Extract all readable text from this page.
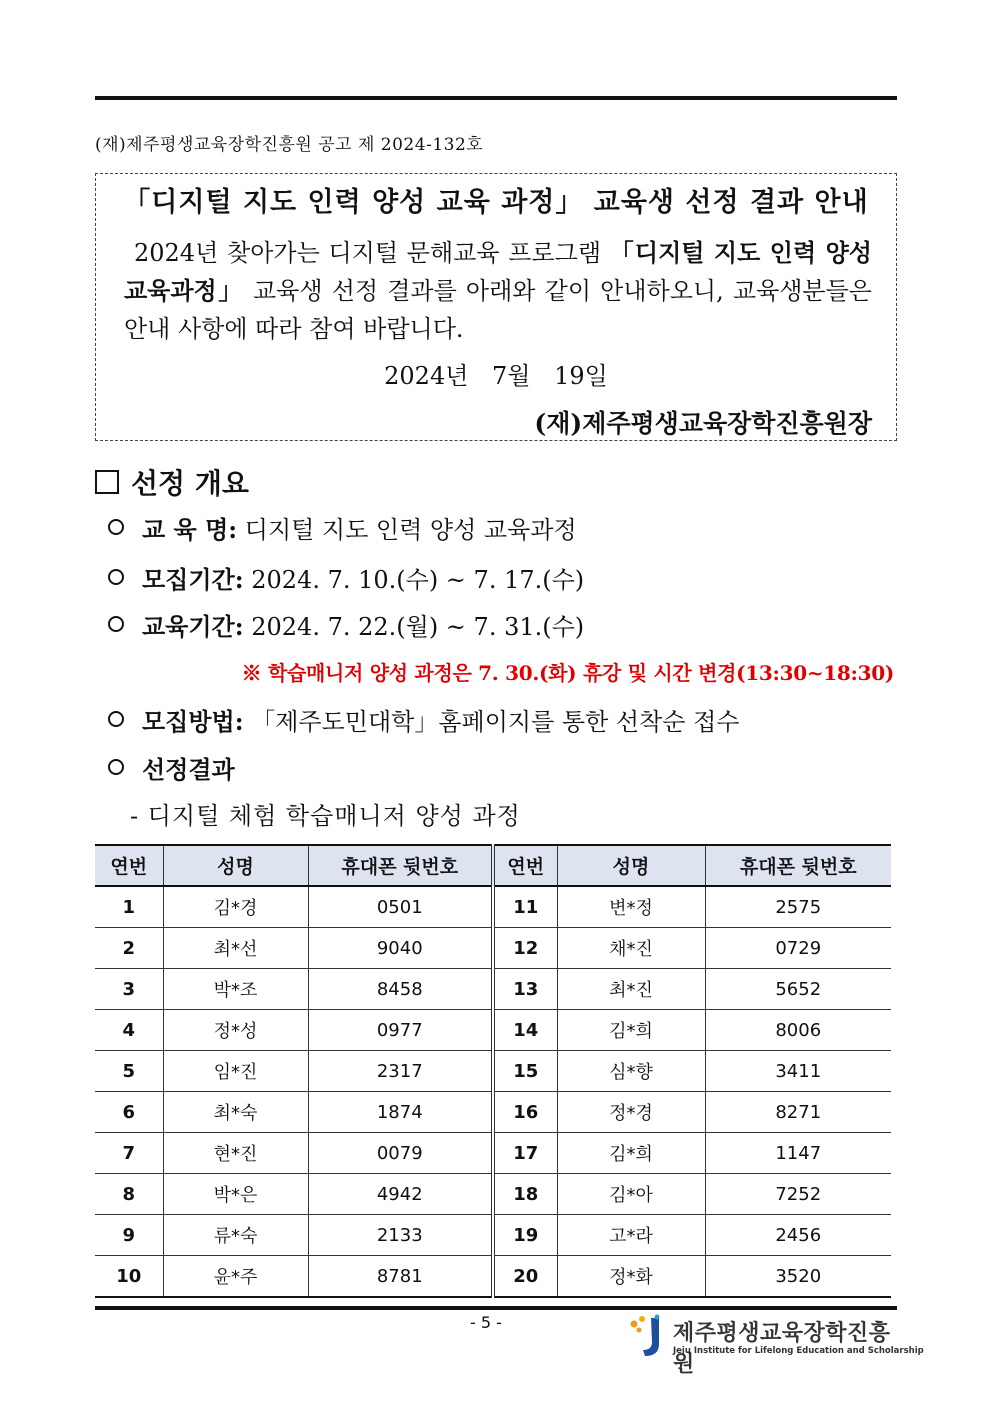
(재)제주평생교육장학진흥원 공고 제 2024-132호
「디지털 지도 인력 양성 교육 과정」 교육생 선정 결과 안내
2024년 찾아가는 디지털 문해교육 프로그램 「디지털 지도 인력 양성 교육과정」 교육생 선정 결과를 아래와 같이 안내하오니, 교육생분들은 안내 사항에 따라 참여 바랍니다.
2024년 7월 19일
(재)제주평생교육장학진흥원장
선정 개요
교 육 명: 디지털 지도 인력 양성 교육과정
모집기간: 2024. 7. 10.(수) ~ 7. 17.(수)
교육기간: 2024. 7. 22.(월) ~ 7. 31.(수)
※ 학습매니저 양성 과정은 7. 30.(화) 휴강 및 시간 변경(13:30~18:30)
모집방법: 「제주도민대학」홈페이지를 통한 선착순 접수
선정결과
- 디지털 체험 학습매니저 양성 과정
연번	성명	휴대폰 뒷번호	연번	성명	휴대폰 뒷번호
1	김*경	0501	11	변*정	2575
2	최*선	9040	12	채*진	0729
3	박*조	8458	13	최*진	5652
4	정*성	0977	14	김*희	8006
5	임*진	2317	15	심*향	3411
6	최*숙	1874	16	정*경	8271
7	현*진	0079	17	김*희	1147
8	박*은	4942	18	김*아	7252
9	류*숙	2133	19	고*라	2456
10	윤*주	8781	20	정*화	3520
- 5 -	제주평생교육장학진흥원
Jeju Institute for Lifelong Education and Scholarship
